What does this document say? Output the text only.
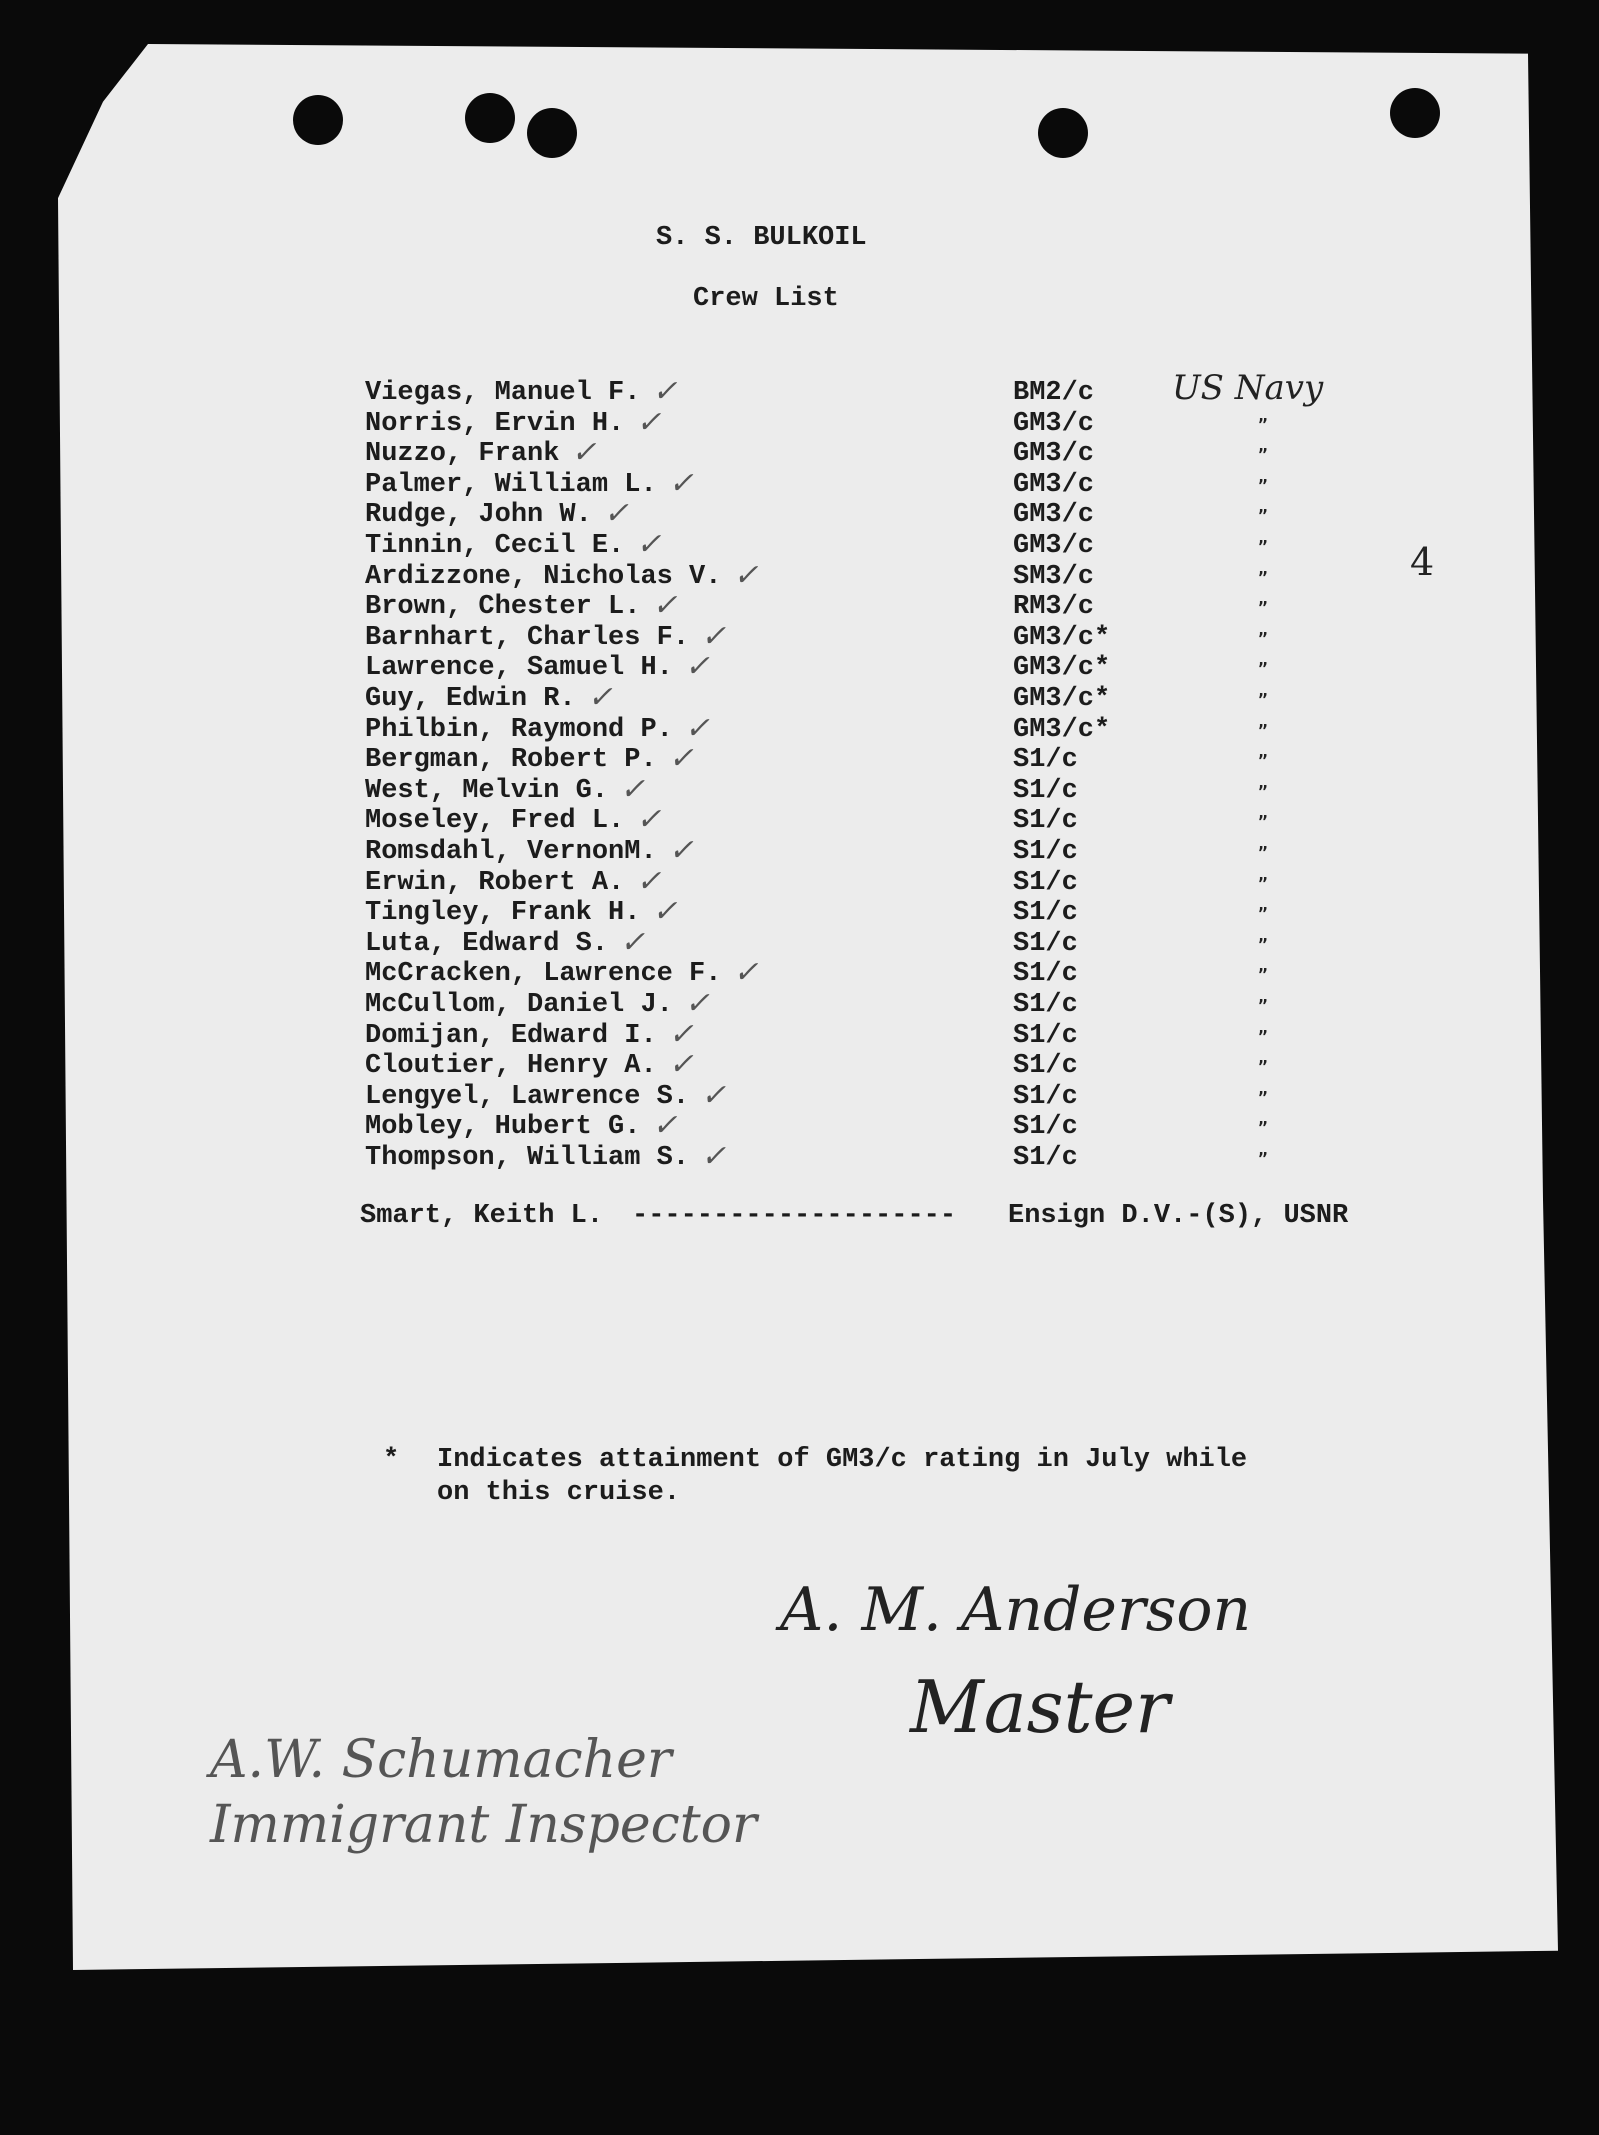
S. S. BULKOIL
Crew List
Viegas, Manuel F. ✓	BM2/c
Norris, Ervin H. ✓	GM3/c	”
Nuzzo, Frank ✓	GM3/c	”
Palmer, William L. ✓	GM3/c	”
Rudge, John W. ✓	GM3/c	”
Tinnin, Cecil E. ✓	GM3/c	”
Ardizzone, Nicholas V. ✓	SM3/c	”
Brown, Chester L. ✓	RM3/c	”
Barnhart, Charles F. ✓	GM3/c*	”
Lawrence, Samuel H. ✓	GM3/c*	”
Guy, Edwin R. ✓	GM3/c*	”
Philbin, Raymond P. ✓	GM3/c*	”
Bergman, Robert P. ✓	S1/c	”
West, Melvin G. ✓	S1/c	”
Moseley, Fred L. ✓	S1/c	”
Romsdahl, VernonM. ✓	S1/c	”
Erwin, Robert A. ✓	S1/c	”
Tingley, Frank H. ✓	S1/c	”
Luta, Edward S. ✓	S1/c	”
McCracken, Lawrence F. ✓	S1/c	”
McCullom, Daniel J. ✓	S1/c	”
Domijan, Edward I. ✓	S1/c	”
Cloutier, Henry A. ✓	S1/c	”
Lengyel, Lawrence S. ✓	S1/c	”
Mobley, Hubert G. ✓	S1/c	”
Thompson, William S. ✓	S1/c	”
US Navy
4
Smart, Keith L. -------------------- Ensign D.V.-(S), USNR
* Indicates attainment of GM3/c rating in July while
on this cruise.
A. M. Anderson
Master
A.W. Schumacher
Immigrant Inspector
